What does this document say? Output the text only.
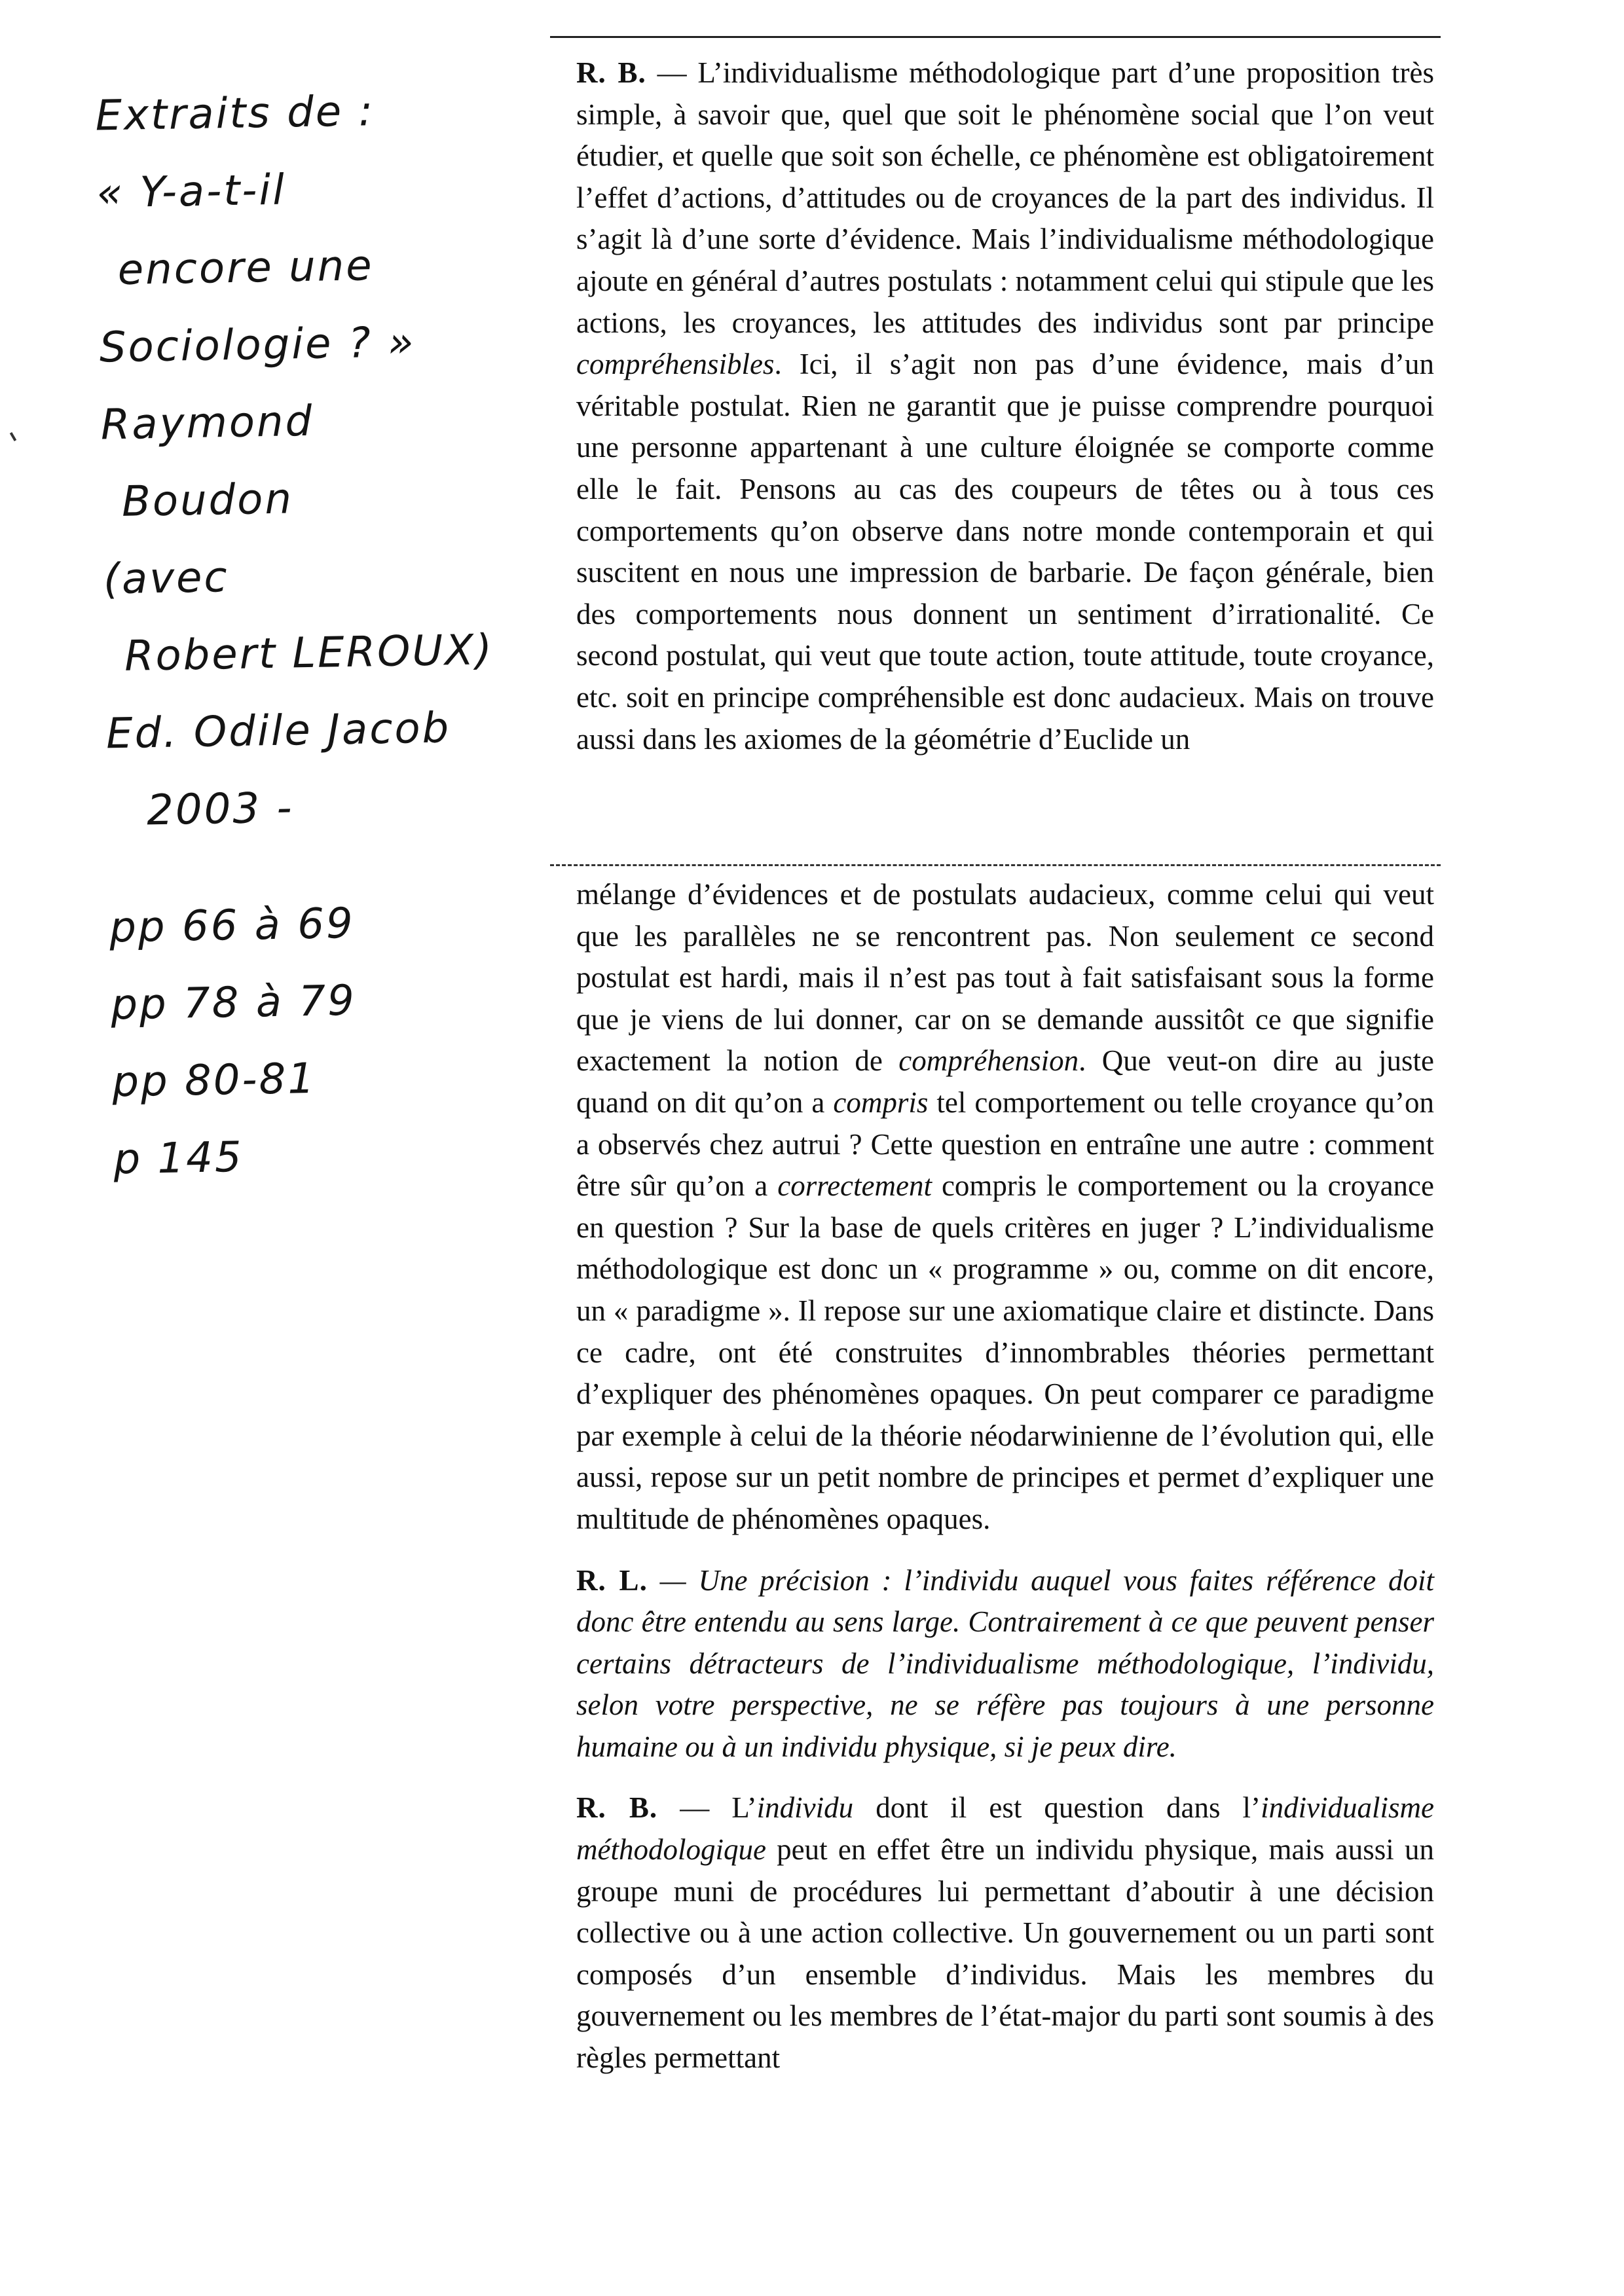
Extraits de :
« Y-a-t-il
encore une
Sociologie ? »
Raymond
Boudon
(avec
Robert LEROUX)
Ed. Odile Jacob
2003 -
pp 66 à 69
pp 78 à 79
pp 80-81
p 145

R. B. — L’individualisme méthodologique part d’une proposition très simple, à savoir que, quel que soit le phénomène social que l’on veut étudier, et quelle que soit son échelle, ce phénomène est obligatoirement l’effet d’actions, d’attitudes ou de croyances de la part des individus. Il s’agit là d’une sorte d’évidence. Mais l’individualisme méthodologique ajoute en général d’autres postulats : notamment celui qui stipule que les actions, les croyances, les attitudes des individus sont par principe compréhensibles. Ici, il s’agit non pas d’une évidence, mais d’un véritable postulat. Rien ne garantit que je puisse comprendre pourquoi une personne appartenant à une culture éloignée se comporte comme elle le fait. Pensons au cas des coupeurs de têtes ou à tous ces comportements qu’on observe dans notre monde contemporain et qui suscitent en nous une impression de barbarie. De façon générale, bien des comportements nous donnent un sentiment d’irrationalité. Ce second postulat, qui veut que toute action, toute attitude, toute croyance, etc. soit en principe compréhensible est donc audacieux. Mais on trouve aussi dans les axiomes de la géométrie d’Euclide un

mélange d’évidences et de postulats audacieux, comme celui qui veut que les parallèles ne se rencontrent pas. Non seulement ce second postulat est hardi, mais il n’est pas tout à fait satisfaisant sous la forme que je viens de lui donner, car on se demande aussitôt ce que signifie exactement la notion de compréhension. Que veut-on dire au juste quand on dit qu’on a compris tel comportement ou telle croyance qu’on a observés chez autrui ? Cette question en entraîne une autre : comment être sûr qu’on a correctement compris le comportement ou la croyance en question ? Sur la base de quels critères en juger ? L’individualisme méthodologique est donc un « programme » ou, comme on dit encore, un « paradigme ». Il repose sur une axiomatique claire et distincte. Dans ce cadre, ont été construites d’innombrables théories permettant d’expliquer des phénomènes opaques. On peut comparer ce paradigme par exemple à celui de la théorie néodarwinienne de l’évolution qui, elle aussi, repose sur un petit nombre de principes et permet d’expliquer une multitude de phénomènes opaques.

R. L. — Une précision : l’individu auquel vous faites référence doit donc être entendu au sens large. Contrairement à ce que peuvent penser certains détracteurs de l’individualisme méthodologique, l’individu, selon votre perspective, ne se réfère pas toujours à une personne humaine ou à un individu physique, si je peux dire.

R. B. — L’individu dont il est question dans l’individualisme méthodologique peut en effet être un individu physique, mais aussi un groupe muni de procédures lui permettant d’aboutir à une décision collective ou à une action collective. Un gouvernement ou un parti sont composés d’un ensemble d’individus. Mais les membres du gouvernement ou les membres de l’état-major du parti sont soumis à des règles permettant
